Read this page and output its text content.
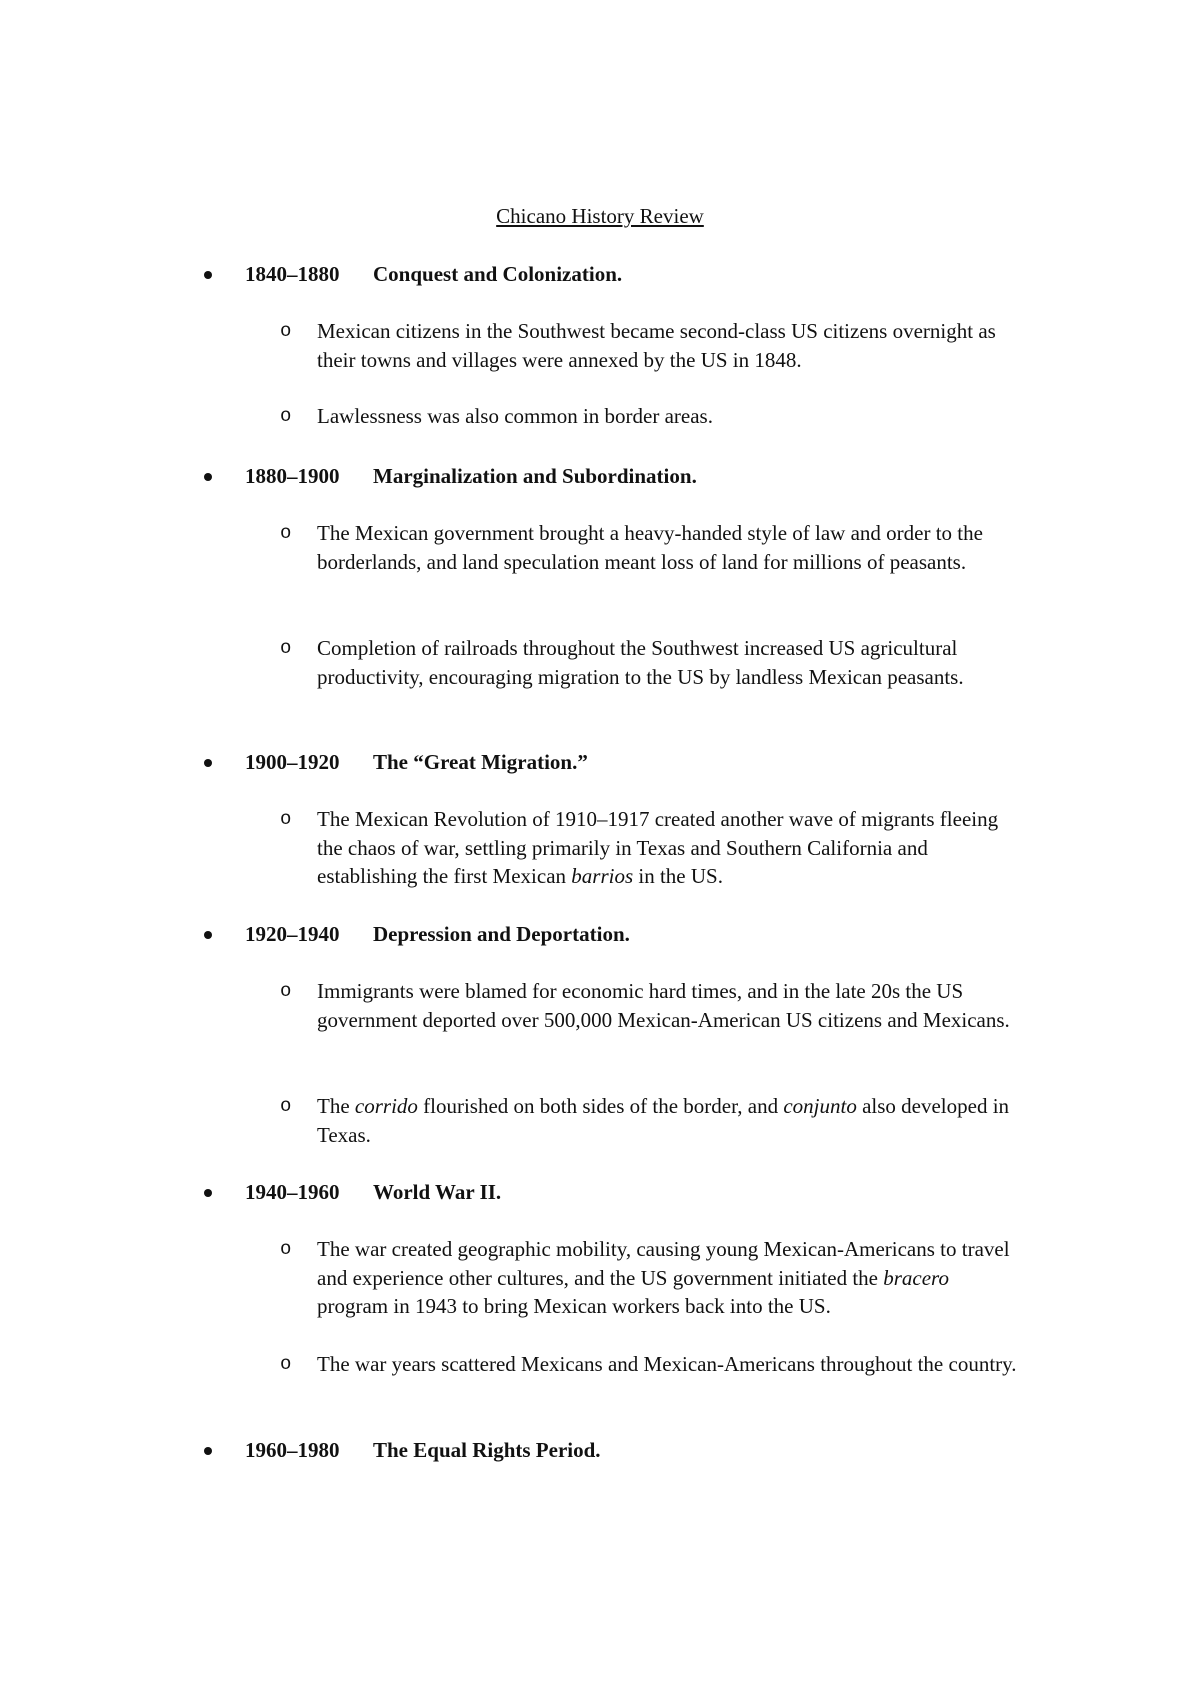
Chicano History Review
1840–1880 Conquest and Colonization.
o Mexican citizens in the Southwest became second-class US citizens overnight as their towns and villages were annexed by the US in 1848.
o Lawlessness was also common in border areas.
1880–1900 Marginalization and Subordination.
o The Mexican government brought a heavy-handed style of law and order to the borderlands, and land speculation meant loss of land for millions of peasants.
o Completion of railroads throughout the Southwest increased US agricultural productivity, encouraging migration to the US by landless Mexican peasants.
1900–1920 The “Great Migration.”
o The Mexican Revolution of 1910–1917 created another wave of migrants fleeing the chaos of war, settling primarily in Texas and Southern California and establishing the first Mexican barrios in the US.
1920–1940 Depression and Deportation.
o Immigrants were blamed for economic hard times, and in the late 20s the US government deported over 500,000 Mexican-American US citizens and Mexicans.
o The corrido flourished on both sides of the border, and conjunto also developed in Texas.
1940–1960 World War II.
o The war created geographic mobility, causing young Mexican-Americans to travel and experience other cultures, and the US government initiated the bracero program in 1943 to bring Mexican workers back into the US.
o The war years scattered Mexicans and Mexican-Americans throughout the country.
1960–1980 The Equal Rights Period.
